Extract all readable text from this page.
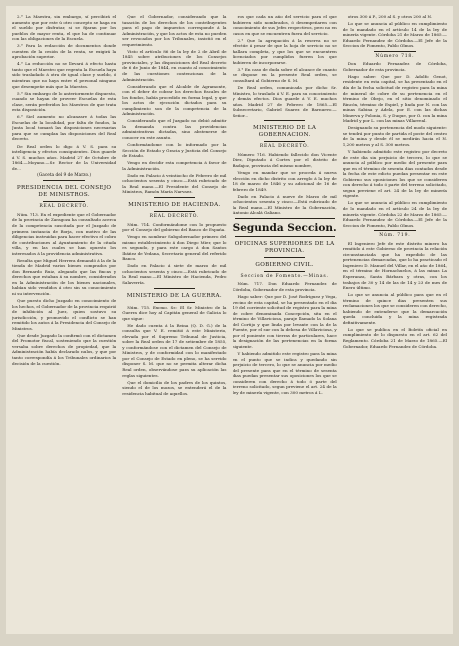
2.° La Maestra, sin embargo, sí percibirá el aumento que por este ú otro concepto se haga en el sueldo por disfrutar, si se fijaran por los pueblos de mayor renta, el que ha de continuar con las obligaciones de la Escuela.

3.° Para la redacción de documentos donde cuenten de la cesión de la renta, se exigirá la aprobación superior.

4.° La reducción no se llevará á efecto hasta tanto que el Maestro que regenta la Escuela haya sido trasladado á otra de igual clase y sueldo, ó mientras que no haya entre el personal ninguno que desempeñe más que la Maestra.

5.° Sin embargo de lo anteriormente dispuesto, cuando se hayan de proveer Escuelas de esta clase, serán preferidos los Maestros de que trata esta disposición.

6.° Siel aumento no alcanzare á todas las Escuelas de la localidad, por falta de fondos, la Junta local tomará las disposiciones necesarias para que se cumplan las disposiciones del Real decreto.

De Real orden lo digo á V. S. para su inteligencia y efectos consiguientes. Dios guarde á V. S. muchos años. Madrid 27 de Octubre de 1864.—Moyano.—Sr. Rector de la Universidad de...

(Gaceta del 9 de Marzo.)

PRESIDENCIA DEL CONSEJO DE MINISTROS.
REAL DECRETO.

Núm. 713. En el expediente que el Gobernador de la provincia de Zaragoza ha consultado acerca de la competencia suscitada por el Juzgado de primera instancia de Borja, con motivo de las diligencias instruidas para hacer efectivo el cobro de contribuciones al Ayuntamiento de la citada villa, y en las cuales se han opuesto los interesados á la providencia administrativa.

Resulta que Miguel Herrera demandó á la de la tienda de Madrid varios bienes comprados por don Bernardo Ruiz, alegando que las fincas y derechos que estaban á su nombre, considerados en la Administración de los bienes nacionales, habían sido vendidos á otro sin su conocimiento ni su intervención.

Que puesto dicho Juzgado en conocimiento de los hechos, el Gobernador de la provincia requirió de inhibición al Juez, quien sostuvo su jurisdicción, y promovido el conflicto se han remitido los autos á la Presidencia del Consejo de Ministros.

Que desde Juzgado la confirmó con el dictamen del Promotor fiscal, sosteniendo que la cuestión versaba sobre derechos de propiedad, que la Administración había declarado nulos, y que por tanto correspondía á los Tribunales ordinarios la decisión de la cuestión.

Que el Gobernador, considerando que la tasación de los derechos de los contribuyentes para el pago de impuestos corresponde á la Administración, y que los actos de esta no pueden ser revocados por los Tribunales, insistió en el requerimiento.

Visto el artículo 86 de la ley de 2 de Abril de 1845 sobre atribuciones de los Consejos provinciales, y las disposiciones del Real decreto de 6 de Junio de 1844, en cuanto al conocimiento de las cuestiones contenciosas de la Administración.

Considerando que el Alcalde de Agramonte, con el deber de cobrar los derechos fiscales de los fondos, había procedido en forma legal, y que los actos de ejecución dictados para su cumplimiento son de la competencia de la Administración.

Considerando que el Juzgado no debió admitir la demanda contra las providencias administrativas dictadas, sino abstenerse de conocer en este asunto.

Conformándome con lo informado por la Sección de Estado y Gracia y Justicia del Consejo de Estado.

Vengo en decidir esta competencia á favor de la Administración.

Dado en Palacio á veintiocho de Febrero de mil ochocientos sesenta y cinco.—Está rubricado de la Real mano.—El Presidente del Consejo de Ministros, Ramón María Narvaez.

MINISTERIO DE HACIENDA.
REAL DECRETO.

Núm. 714. Conformándome con lo propuesto por el Consejo del gobierno del Banco de España.

Vengo en nombrar Subgobernador primero del mismo establecimiento á don Diego Mier, que lo es segundo, y para este cargo á don Santos Ibáñez de Yedana, Secretario general del referido Banco.

Dado en Palacio á siete de marzo de mil ochocientos sesenta y cinco.—Está rubricado de la Real mano.—El Ministro de Hacienda, Pedro Salaverría.

MINISTERIO DE LA GUERRA.

Núm. 715. Excmo. Sr.: El Sr. Ministro de la Guerra dice hoy al Capitán general de Galicia lo que sigue:

He dado cuenta á la Reina (Q. D. G.) de la consulta que V. E. remitió á este Ministerio, elevada por el Supremo Tribunal de Justicia, sobre la Real orden de 17 de setiembre de 1855, y conformándose con el dictamen del Consejo de Ministros, y de conformidad con lo manifestado por el Consejo de Estado en pleno, se ha servido disponer S. M. que no se permita alterar dicha Real orden, observándose para su aplicación las reglas siguientes.

Que el domicilio de los padres de los quintos, siendo el de los mozos, se entenderá el de la residencia habitual de aquellos.

ros que cada un año del servicio para el que hubieren sido nombrados, ó desempeñaren con conocimiento de sus Jefes respectivos, pero no en casos en que se encuentren fuera del servicio.

2.° Que la agrupación á la reserva no se efectúe á pesar de que la hoja de servicio no se hallara completa, y que los que se encuentren licenciados por cumplidos fueren los que hubieren de incorporarse.

3.° En caso de duda sobre el alcance de cuanto se dispone en la presente Real orden, se consultará al Gobierno de S. M.

De Real orden, comunicada por dicho Sr. Ministro, lo traslado á V. E. para su conocimiento y demás efectos. Dios guarde á V. E. muchos años. Madrid 27 de Febrero de 1865.—El Subsecretario, Gabriel Suarez de Barnuevo.—Señor...

MINISTERIO DE LA GOBERNACION.
REAL DECRETO.

Número 716. Habiendo fallecido don Vicente Diez, Diputado á Cortes por el distrito de Badajoz, provincia del mismo nombre,

Vengo en mandar que se proceda á nueva elección en dicho distrito con arreglo á la ley de 18 de marzo de 1846 y su adicional de 16 de febrero de 1849.

Dado en Palacio á nueve de Marzo de mil ochocientos sesenta y cinco.—Está rubricado de la Real mano.—El Ministro de la Gobernación, Antonio Alcalá Galiano.

Segunda Seccion.
OFICINAS SUPERIORES DE LA PROVINCIA.
GOBIERNO CIVIL.
Seccion de Fomento.—Minas.

Núm. 717. Don Eduardo Fernandez de Córdoba, Gobernador de esta provincia.

Hago saber: Que por D. José Rodriguez y Vega, vecino de esta capital, se ha presentado en el dia 19 del corriente solicitud de registro para la mina de cobre denominada Concepción, sita en el término de Villaviciosa, paraje llamado la Solana del Cortijo y que linda por levante con la de la Fuente, por el sur con la dehesa de Villaviciosa, y por el poniente con tierras de particulares, hace la designación de las pertenencias en la forma siguiente.

Y habiendo admitido este registro para la mina en el punto que se indica y quedando sin perjuicio de tercero, lo que se anuncia por medio del presente para que en el término de sesenta dias puedan presentar sus oposiciones los que se consideren con derecho á todo ó parte del terreno solicitado, segun previene el art. 24 de la ley de minería vigente, con 300 metros á L.

otros 300 á P., 200 al S. y otros 200 al N.

Lo que se anuncia al público en cumplimiento de lo mandado en el artículo 14 de la ley de minería vigente. Córdoba 21 de Marzo de 1865.—Eduardo Fernandez de Córdoba.—El Jefe de la Seccion de Fomento, Pablo Olmos.

Número 718.

Don Eduardo Fernandez de Córdoba, Gobernador de esta provincia.

Hago saber: Que por D. Adolfo Genot, residente en esta capital, se ha presentado en el día de la fecha solicitud de registro para la mina de mineral de cobre de su pertenencia en el término de Obejo, en el sitio denominado el Rincón, término de Espiel, y linda por N. con las minas Sabina y Adela, por E. con las dichas Minerva y Polonia, S. y Duque, por O. con la mina Madrid y por L. con las minas Villarreal.

Designando su pertenencia del modo siguiente: se tendrá por punto de partida el poste del centro de la mina y desde él se medirán hacia el N. 1,200 metros y al S. 300 metros.

Y habiendo admitido este registro por decreto de este dia sin perjuicio de tercero, lo que se anuncia al público por medio del presente para que en el término de sesenta dias contados desde la fecha de este edicto puedan presentar en este Gobierno sus oposiciones los que se consideren con derecho á todo ó parte del terreno solicitado, segun previene el art. 24 de la ley de minería vigente.

Lo que se anuncia al público en cumplimiento de lo mandado en el artículo 24 de la ley de minería vigente. Córdoba 22 de Marzo de 1865.—Eduardo Fernandez de Córdoba.—El Jefe de la Seccion de Fomento, Pablo Olmos.

Núm. 719.

El Ingeniero Jefe de este distrito minero ha remitido á este Gobierno de provincia la relación circunstanciada que ha expedido de las pertenencias demarcadas, que lo ha practicado el Ingeniero D. Manuel del Villar, en el año de 1864, en el término de Hornachuelos, á las minas La Esperanza, Santa Bárbara y otras, con los trabajos de 30 y 14 de las de 14 y 23 de mes de Enero último.

Lo que se anuncia al público para que en el término de quince dias presenten sus reclamaciones los que se consideren con derecho, habiendo de entenderse que la demarcación queda concluida y la mina registrada definitivamente.

Lo que se publica en el Boletín oficial en cumplimiento de lo dispuesto en el art. 62 del Reglamento. Córdoba 21 de Marzo de 1865.—El Gobernador, Eduardo Fernandez de Córdoba.
